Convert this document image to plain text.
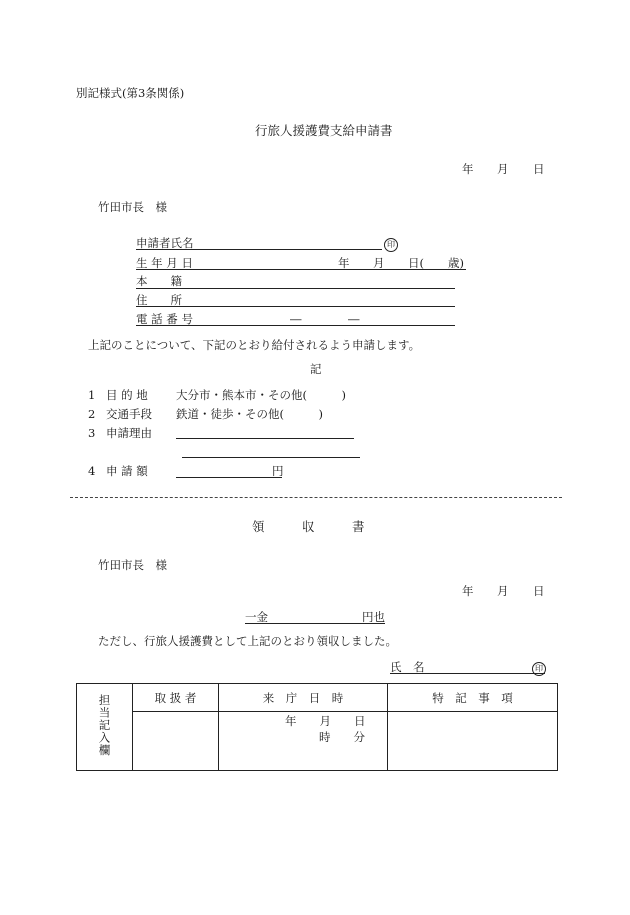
別記様式(第3条関係)
行旅人援護費支給申請書
年 月 日
竹田市長　様
申請者氏名	印
生 年 月 日	年 月 日( 歳)
本　　籍
住　　所
電 話 番 号	―	―
上記のことについて、下記のとおり給付されるよう申請します。
記
1 目 的 地 大分市・熊本市・その他(　　　)
2 交通手段 鉄道・徒歩・その他(　　　)
3 申請理由
4 申 請 額	円
領　　　収　　　書
竹田市長　様
年 月 日
一金	円也
ただし、行旅人援護費として上記のとおり領収しました。
氏　名	印
担当記入欄	取 扱 者	来　庁　日　時	特　記　事　項

		年　　月　　日
時　　分	
